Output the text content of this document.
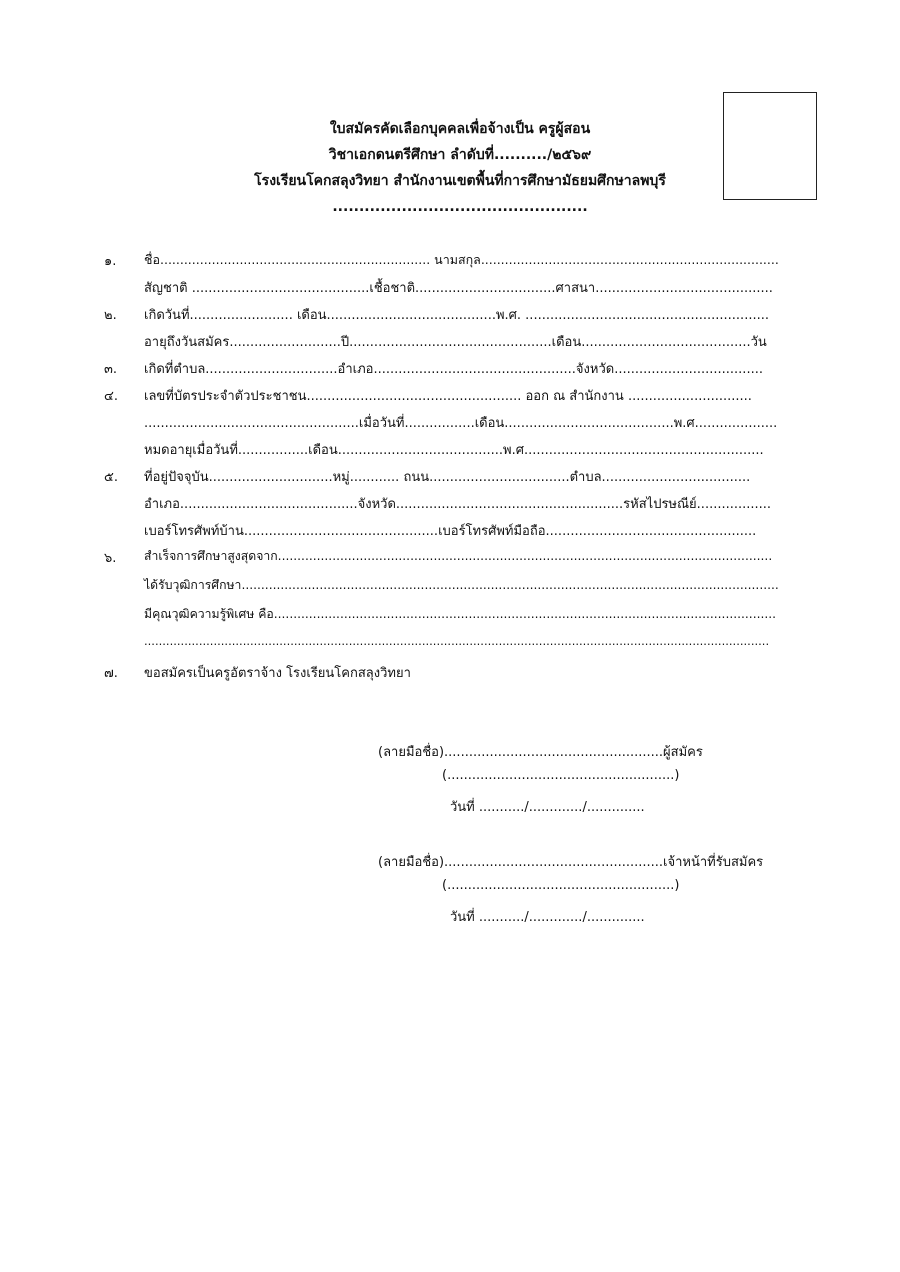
ใบสมัครคัดเลือกบุคคลเพื่อจ้างเป็น ครูผู้สอน
วิชาเอกดนตรีศึกษา ลำดับที่........../๒๕๖๙
โรงเรียนโคกสลุงวิทยา สำนักงานเขตพื้นที่การศึกษามัธยมศึกษาลพบุรี
................................................
๑. ชื่อ.................................................................... นามสกุล...........................................................................
สัญชาติ ...........................................เชื้อชาติ..................................ศาสนา...........................................
๒. เกิดวันที่......................... เดือน.........................................พ.ศ. ...........................................................
อายุถึงวันสมัคร...........................ปี.................................................เดือน.........................................วัน
๓. เกิดที่ตำบล................................อำเภอ.................................................จังหวัด....................................
๔. เลขที่บัตรประจำตัวประชาชน.................................................... ออก ณ สำนักงาน ..............................
....................................................เมื่อวันที่.................เดือน.........................................พ.ศ....................
หมดอายุเมื่อวันที่.................เดือน........................................พ.ศ..........................................................
๕. ที่อยู่ปัจจุบัน..............................หมู่............ ถนน..................................ตำบล....................................
อำเภอ...........................................จังหวัด.......................................................รหัสไปรษณีย์..................
เบอร์โทรศัพท์บ้าน...............................................เบอร์โทรศัพท์มือถือ...................................................
๖. สำเร็จการศึกษาสูงสุดจาก...............................................................................................................................
ได้รับวุฒิการศึกษา..........................................................................................................................................
มีคุณวุฒิความรู้พิเศษ คือ.................................................................................................................................
...........................................................................................................................................................................
๗. ขอสมัครเป็นครูอัตราจ้าง โรงเรียนโคกสลุงวิทยา
(ลายมือชื่อ).....................................................ผู้สมัคร
(.......................................................)
วันที่ .........../............./..............
(ลายมือชื่อ).....................................................เจ้าหน้าที่รับสมัคร
(.......................................................)
วันที่ .........../............./..............
